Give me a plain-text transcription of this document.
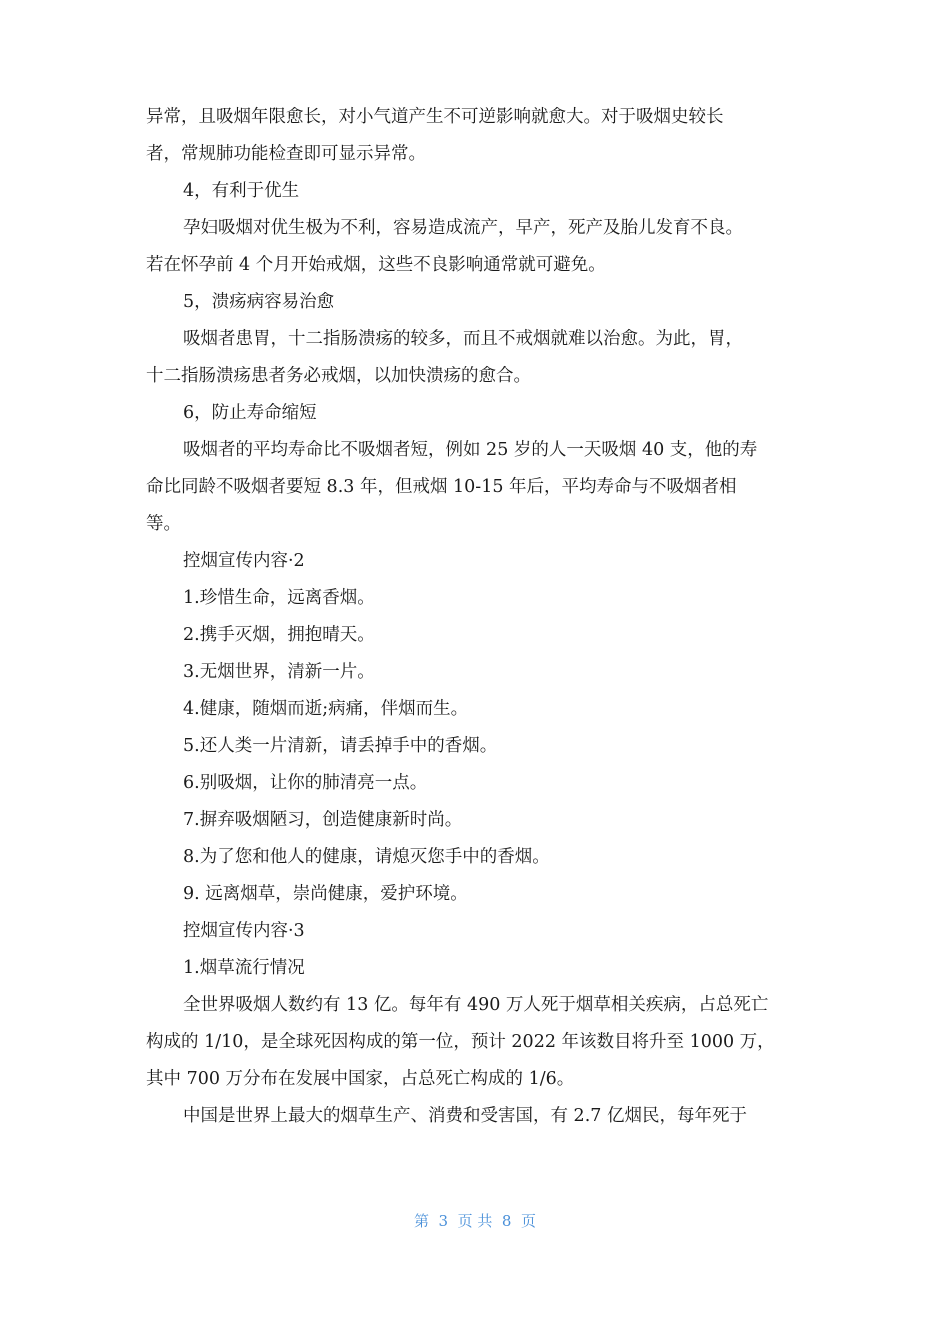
异常，且吸烟年限愈长，对小气道产生不可逆影响就愈大。对于吸烟史较长
者，常规肺功能检查即可显示异常。
4，有利于优生
孕妇吸烟对优生极为不利，容易造成流产，早产，死产及胎儿发育不良。
若在怀孕前 4 个月开始戒烟，这些不良影响通常就可避免。
5，溃疡病容易治愈
吸烟者患胃，十二指肠溃疡的较多，而且不戒烟就难以治愈。为此，胃，
十二指肠溃疡患者务必戒烟，以加快溃疡的愈合。
6，防止寿命缩短
吸烟者的平均寿命比不吸烟者短，例如 25 岁的人一天吸烟 40 支，他的寿
命比同龄不吸烟者要短 8.3 年，但戒烟 10-15 年后，平均寿命与不吸烟者相
等。
控烟宣传内容·2
1.珍惜生命，远离香烟。
2.携手灭烟，拥抱晴天。
3.无烟世界，清新一片。
4.健康，随烟而逝;病痛，伴烟而生。
5.还人类一片清新，请丢掉手中的香烟。
6.别吸烟，让你的肺清亮一点。
7.摒弃吸烟陋习，创造健康新时尚。
8.为了您和他人的健康，请熄灭您手中的香烟。
9. 远离烟草，崇尚健康，爱护环境。
控烟宣传内容·3
1.烟草流行情况
全世界吸烟人数约有 13 亿。每年有 490 万人死于烟草相关疾病，占总死亡
构成的 1/10，是全球死因构成的第一位，预计 2022 年该数目将升至 1000 万，
其中 700 万分布在发展中国家，占总死亡构成的 1/6。
中国是世界上最大的烟草生产、消费和受害国，有 2.7 亿烟民，每年死于
第  3  页 共  8  页
